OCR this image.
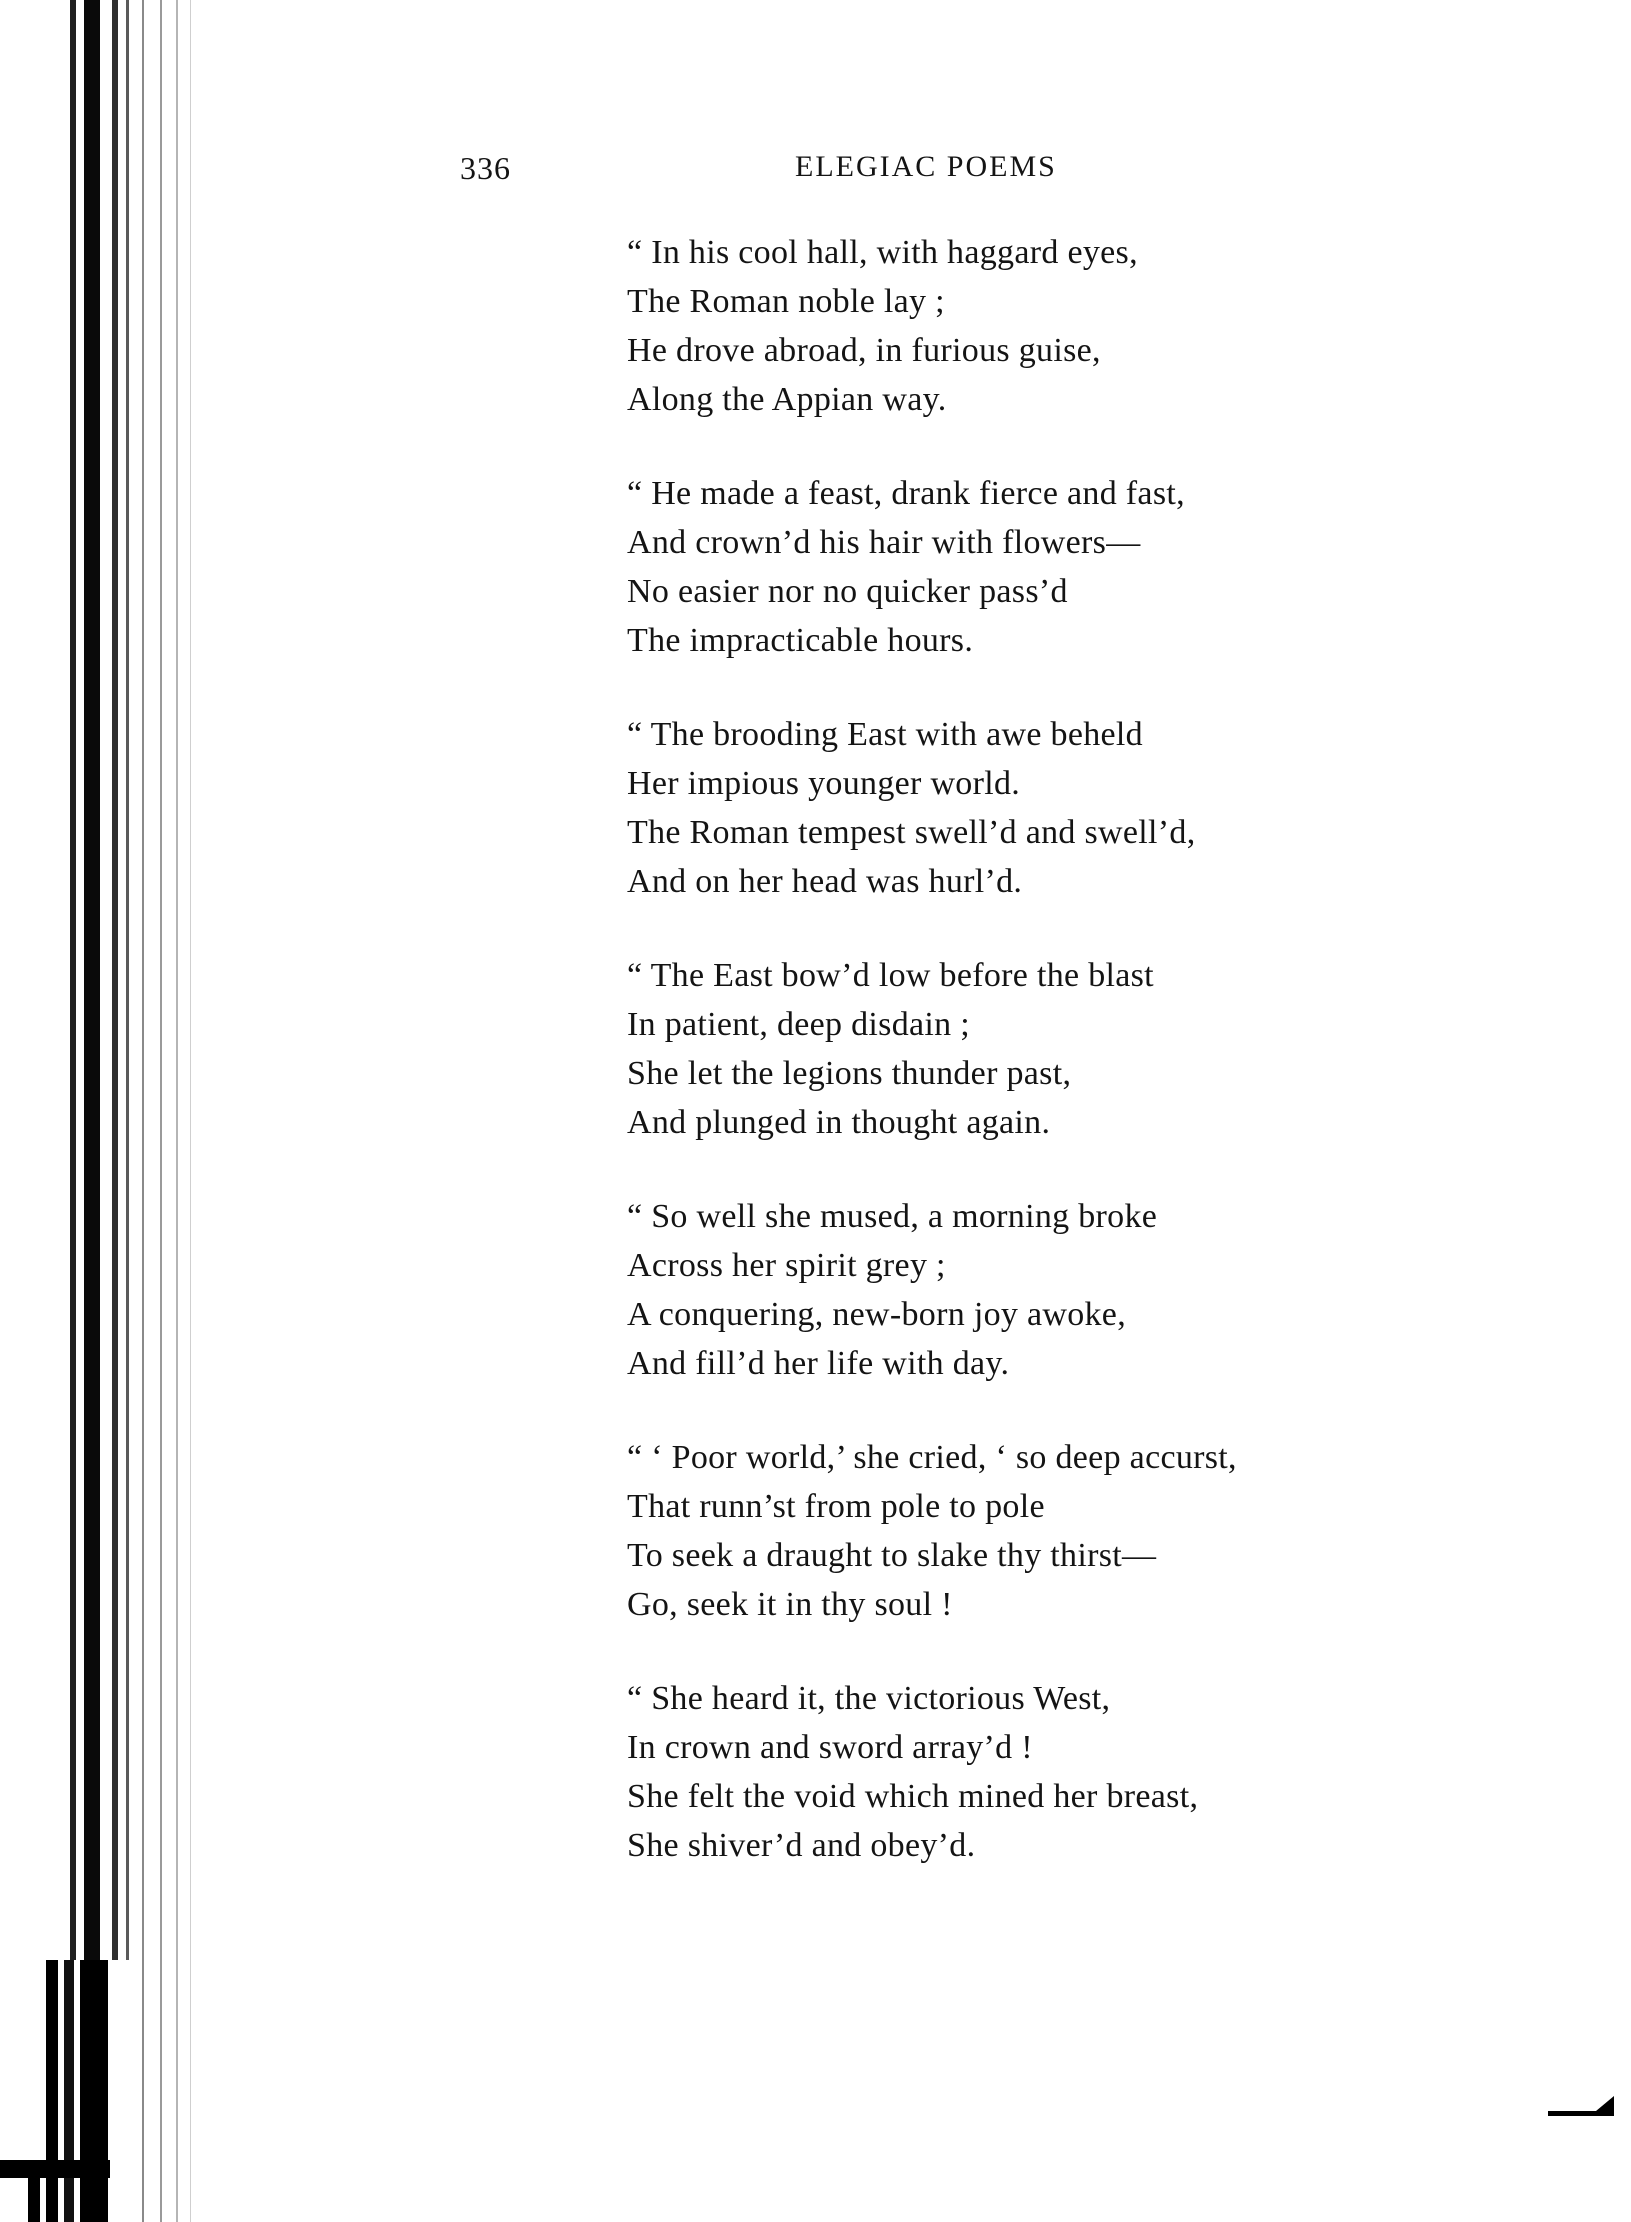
336	ELEGIAC POEMS
“ In his cool hall, with haggard eyes,
The Roman noble lay ;
He drove abroad, in furious guise,
Along the Appian way.
“ He made a feast, drank fierce and fast,
And crown’d his hair with flowers—
No easier nor no quicker pass’d
The impracticable hours.
“ The brooding East with awe beheld
Her impious younger world.
The Roman tempest swell’d and swell’d,
And on her head was hurl’d.
“ The East bow’d low before the blast
In patient, deep disdain ;
She let the legions thunder past,
And plunged in thought again.
“ So well she mused, a morning broke
Across her spirit grey ;
A conquering, new-born joy awoke,
And fill’d her life with day.
“ ‘ Poor world,’ she cried, ‘ so deep accurst,
That runn’st from pole to pole
To seek a draught to slake thy thirst—
Go, seek it in thy soul !
“ She heard it, the victorious West,
In crown and sword array’d !
She felt the void which mined her breast,
She shiver’d and obey’d.
